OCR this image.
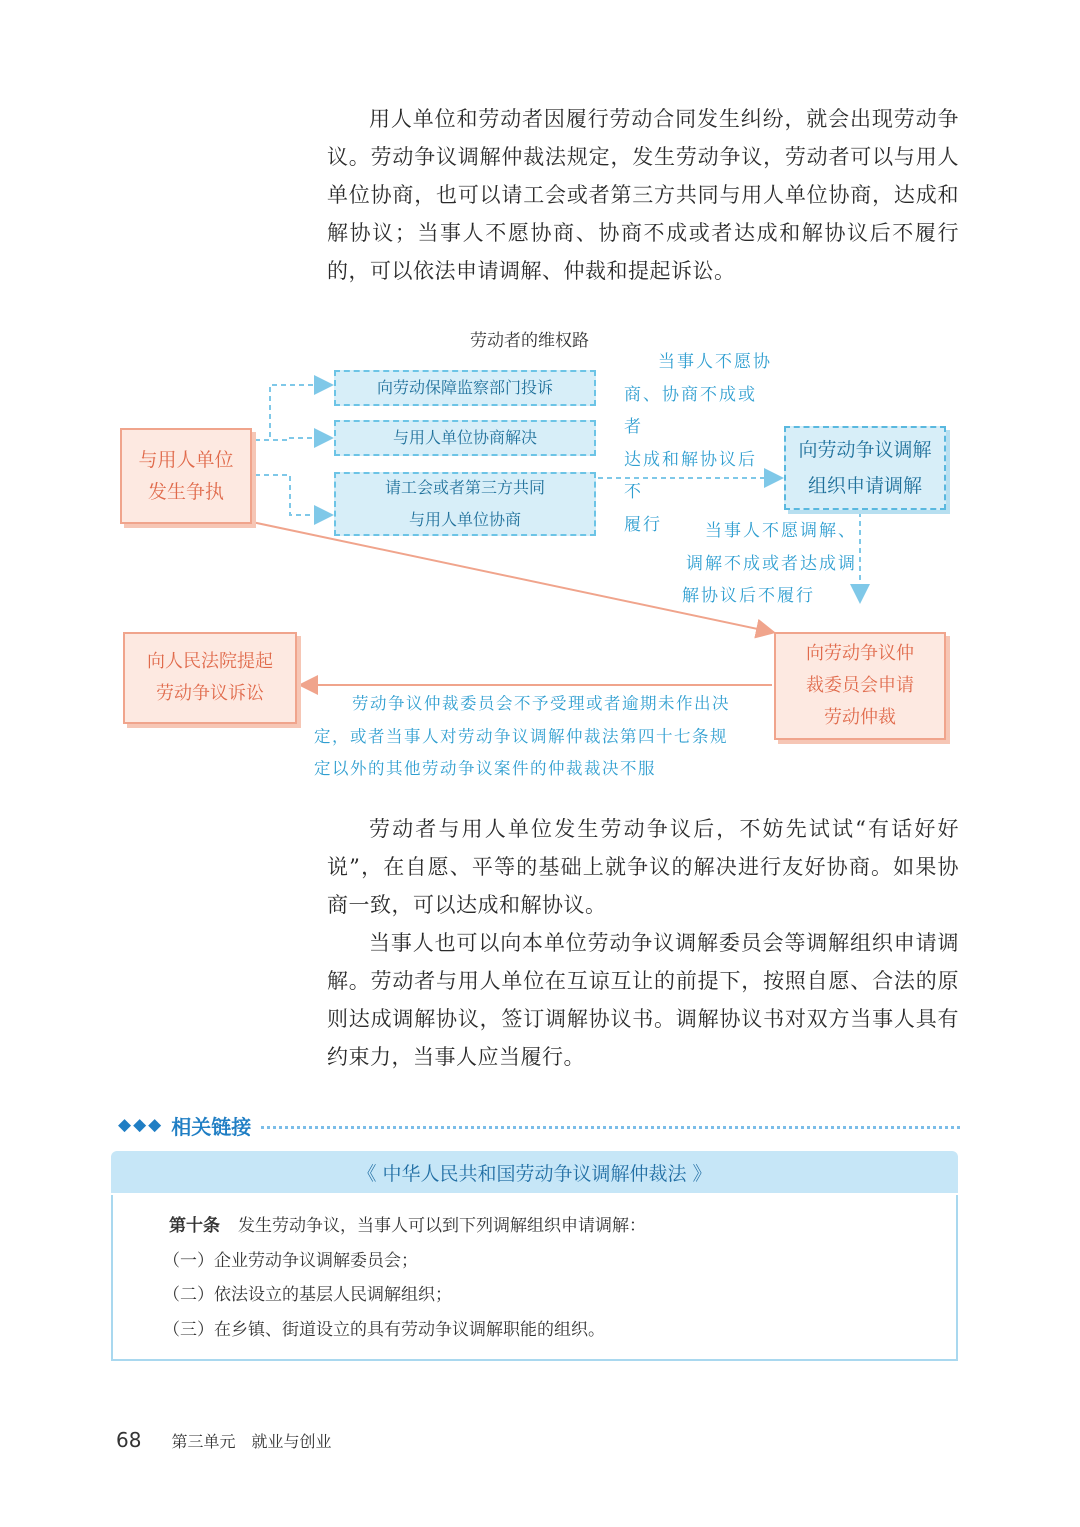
用人单位和劳动者因履行劳动合同发生纠纷，就会出现劳动争议。劳动争议调解仲裁法规定，发生劳动争议，劳动者可以与用人单位协商，也可以请工会或者第三方共同与用人单位协商，达成和解协议；当事人不愿协商、协商不成或者达成和解协议后不履行的，可以依法申请调解、仲裁和提起诉讼。

劳动者的维权路
与用人单位发生争执
向劳动保障监察部门投诉
与用人单位协商解决
请工会或者第三方共同
与用人单位协商
当事人不愿协
商、协商不成或者
达成和解协议后不
履行
向劳动争议调解
组织申请调解
当事人不愿调解、
调解不成或者达成调
解协议后不履行
向劳动争议仲
裁委员会申请
劳动仲裁
向人民法院提起
劳动争议诉讼	劳动争议仲裁委员会不予受理或者逾期未作出决
定，或者当事人对劳动争议调解仲裁法第四十七条规
定以外的其他劳动争议案件的仲裁裁决不服

劳动者与用人单位发生劳动争议后，不妨先试试“有话好好说”，在自愿、平等的基础上就争议的解决进行友好协商。如果协商一致，可以达成和解协议。

当事人也可以向本单位劳动争议调解委员会等调解组织申请调解。劳动者与用人单位在互谅互让的前提下，按照自愿、合法的原则达成调解协议，签订调解协议书。调解协议书对双方当事人具有约束力，当事人应当履行。

◆◆◆ 相关链接
《 中华人民共和国劳动争议调解仲裁法 》
第十条 发生劳动争议，当事人可以到下列调解组织申请调解：
（一）企业劳动争议调解委员会；
（二）依法设立的基层人民调解组织；
（三）在乡镇、街道设立的具有劳动争议调解职能的组织。
68 第三单元 就业与创业
